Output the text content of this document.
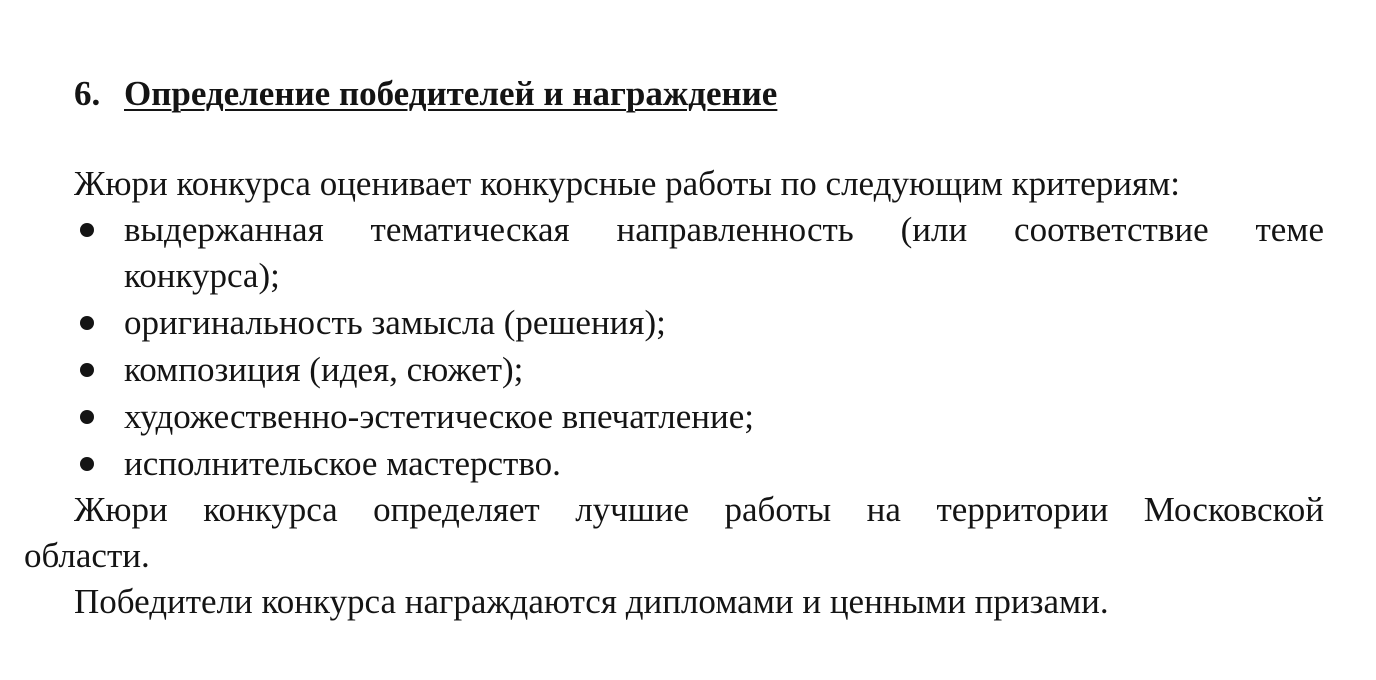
6. Определение победителей и награждение
Жюри конкурса оценивает конкурсные работы по следующим критериям:
выдержанная тематическая направленность (или соответствие теме
конкурса);
оригинальность замысла (решения);
композиция (идея, сюжет);
художественно-эстетическое впечатление;
исполнительское мастерство.
Жюри конкурса определяет лучшие работы на территории Московской
области.
Победители конкурса награждаются дипломами и ценными призами.
